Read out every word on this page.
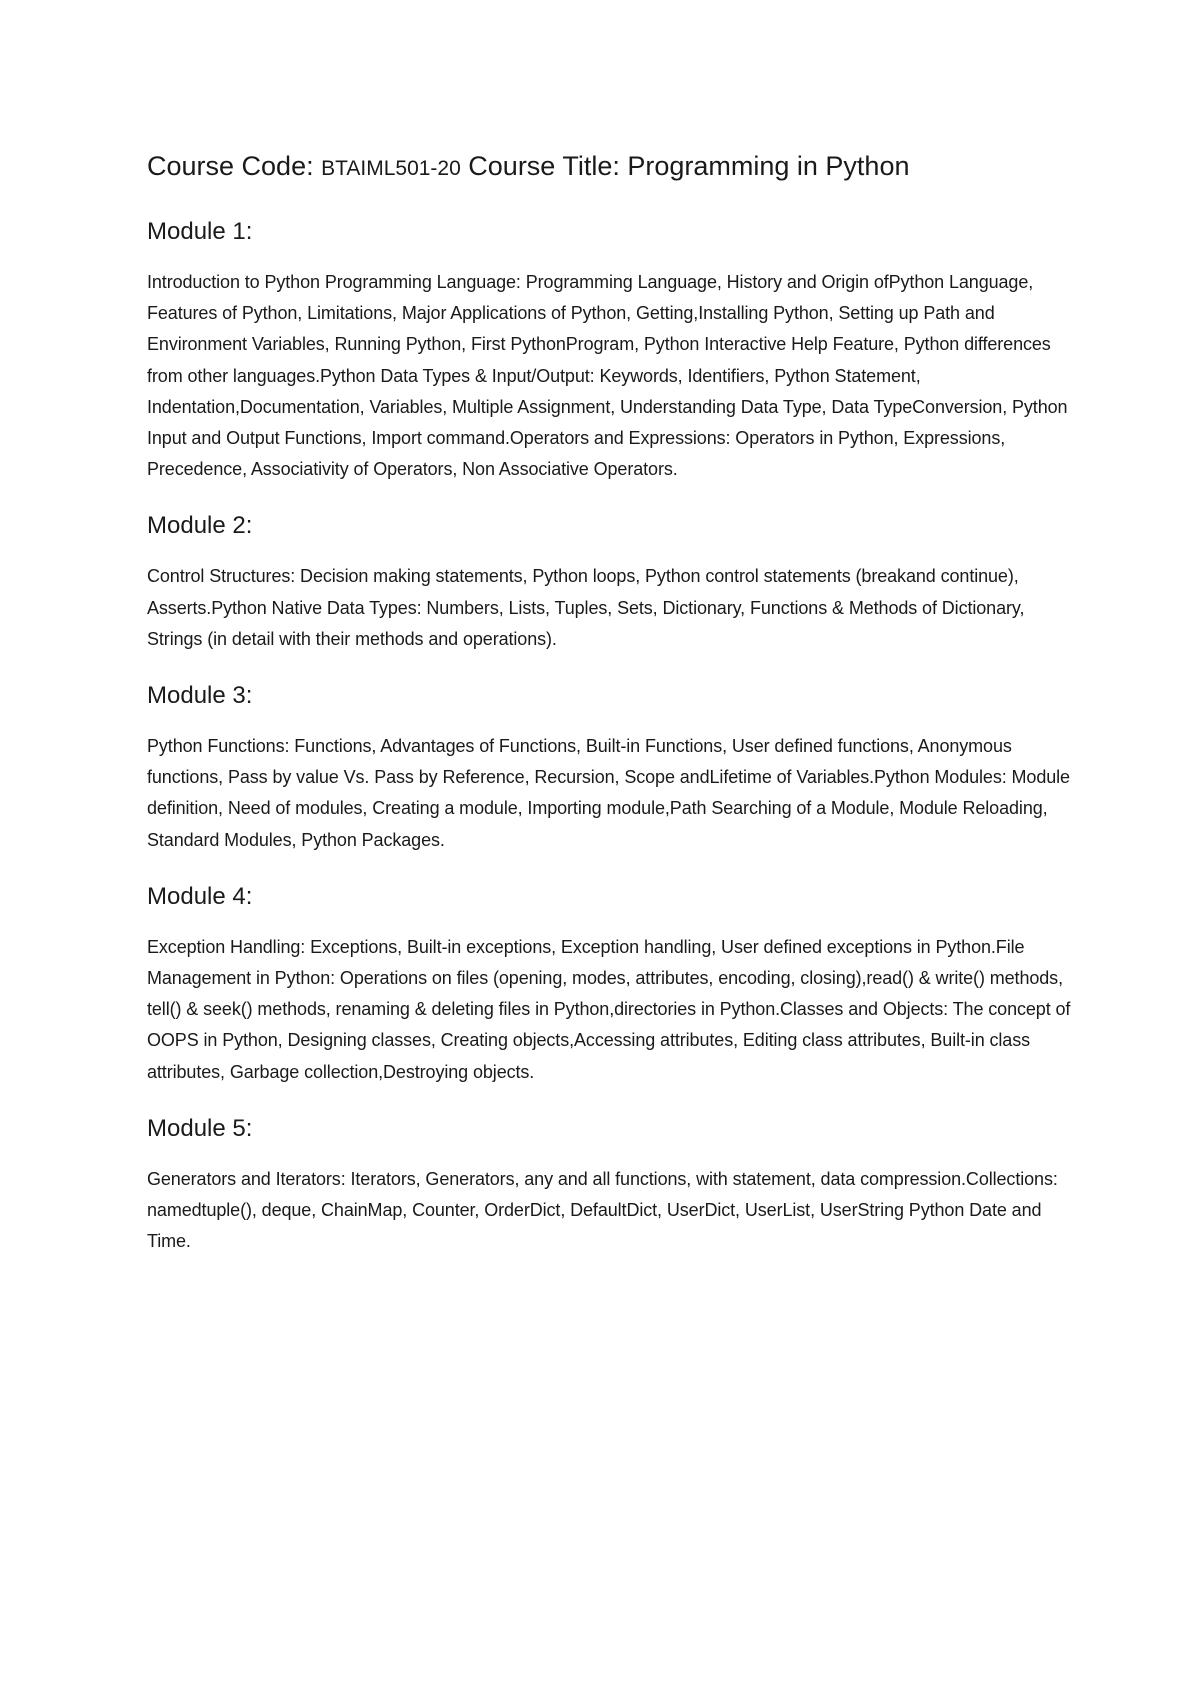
Course Code: BTAIML501-20 Course Title: Programming in Python
Module 1:

Introduction to Python Programming Language: Programming Language, History and Origin ofPython Language, Features of Python, Limitations, Major Applications of Python, Getting,Installing Python, Setting up Path and Environment Variables, Running Python, First PythonProgram, Python Interactive Help Feature, Python differences from other languages.Python Data Types & Input/Output: Keywords, Identifiers, Python Statement, Indentation,Documentation, Variables, Multiple Assignment, Understanding Data Type, Data TypeConversion, Python Input and Output Functions, Import command.Operators and Expressions: Operators in Python, Expressions, Precedence, Associativity of Operators, Non Associative Operators.

Module 2:

Control Structures: Decision making statements, Python loops, Python control statements (breakand continue), Asserts.Python Native Data Types: Numbers, Lists, Tuples, Sets, Dictionary, Functions & Methods of Dictionary, Strings (in detail with their methods and operations).

Module 3:

Python Functions: Functions, Advantages of Functions, Built-in Functions, User defined functions, Anonymous functions, Pass by value Vs. Pass by Reference, Recursion, Scope andLifetime of Variables.Python Modules: Module definition, Need of modules, Creating a module, Importing module,Path Searching of a Module, Module Reloading, Standard Modules, Python Packages.

Module 4:

Exception Handling: Exceptions, Built-in exceptions, Exception handling, User defined exceptions in Python.File Management in Python: Operations on files (opening, modes, attributes, encoding, closing),read() & write() methods, tell() & seek() methods, renaming & deleting files in Python,directories in Python.Classes and Objects: The concept of OOPS in Python, Designing classes, Creating objects,Accessing attributes, Editing class attributes, Built-in class attributes, Garbage collection,Destroying objects.

Module 5:

Generators and Iterators: Iterators, Generators, any and all functions, with statement, data compression.Collections: namedtuple(), deque, ChainMap, Counter, OrderDict, DefaultDict, UserDict, UserList, UserString Python Date and Time.
